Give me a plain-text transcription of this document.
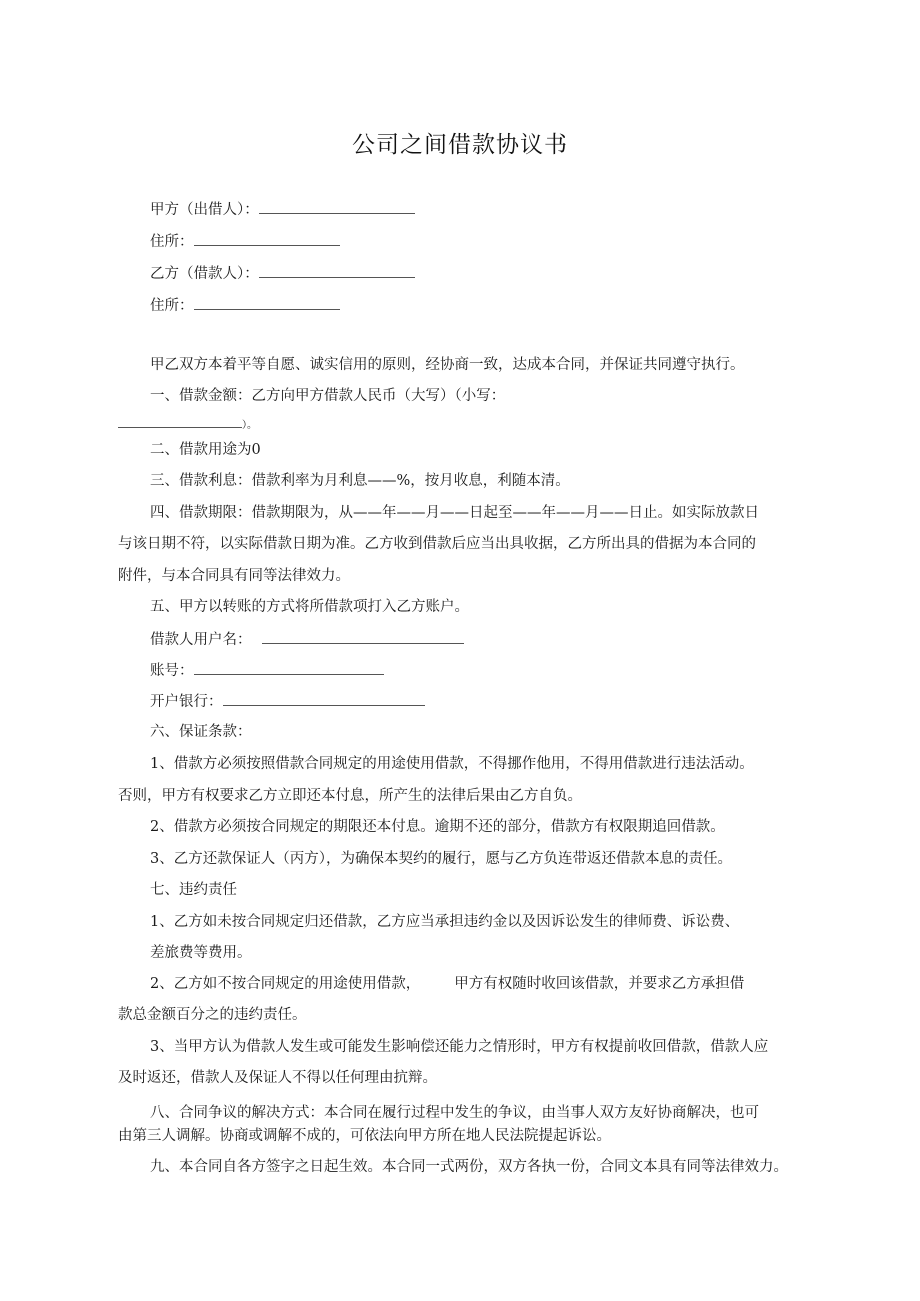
公司之间借款协议书
甲方（出借人）：
住所：
乙方（借款人）：
住所：
甲乙双方本着平等自愿、诚实信用的原则，经协商一致，达成本合同，并保证共同遵守执行。
一、借款金额：乙方向甲方借款人民币（大写）（小写：
）。
二、借款用途为0
三、借款利息：借款利率为月利息——%，按月收息，利随本清。
四、借款期限：借款期限为，从——年——月——日起至——年——月——日止。如实际放款日
与该日期不符，以实际借款日期为准。乙方收到借款后应当出具收据，乙方所出具的借据为本合同的
附件，与本合同具有同等法律效力。
五、甲方以转账的方式将所借款项打入乙方账户。
借款人用户名：
账号：
开户银行：
六、保证条款：
1、借款方必须按照借款合同规定的用途使用借款，不得挪作他用，不得用借款进行违法活动。
否则，甲方有权要求乙方立即还本付息，所产生的法律后果由乙方自负。
2、借款方必须按合同规定的期限还本付息。逾期不还的部分，借款方有权限期追回借款。
3、乙方还款保证人（丙方），为确保本契约的履行，愿与乙方负连带返还借款本息的责任。
七、违约责任
1、乙方如未按合同规定归还借款，乙方应当承担违约金以及因诉讼发生的律师费、诉讼费、
差旅费等费用。
2、乙方如不按合同规定的用途使用借款， 甲方有权随时收回该借款，并要求乙方承担借
款总金额百分之的违约责任。
3、当甲方认为借款人发生或可能发生影响偿还能力之情形时，甲方有权提前收回借款，借款人应
及时返还，借款人及保证人不得以任何理由抗辩。
八、合同争议的解决方式：本合同在履行过程中发生的争议，由当事人双方友好协商解决，也可
由第三人调解。协商或调解不成的，可依法向甲方所在地人民法院提起诉讼。
九、本合同自各方签字之日起生效。本合同一式两份，双方各执一份，合同文本具有同等法律效力。
